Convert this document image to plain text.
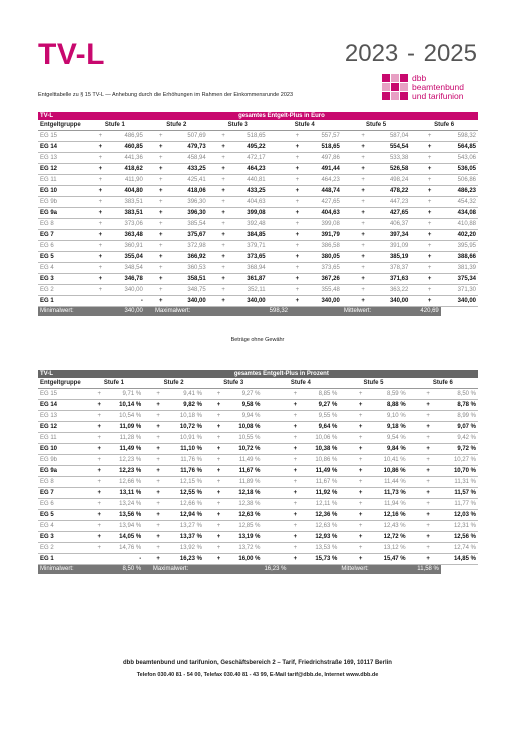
TV-L	2023 - 2025
dbb
beamtenbund
und tarifunion
Entgelttabelle zu § 15 TV-L — Anhebung durch die Erhöhungen im Rahmen der Einkommensrunde 2023
TV-L	gesamtes Entgelt-Plus in Euro																	
Entgeltgruppe	Stufe 1			Stufe 2			Stufe 3			Stufe 4			Stufe 5			Stufe 6		
EG 15		+	486,95		+	507,69		+	518,65		+	557,57		+	587,04		+	598,32
EG 14		+	460,85		+	479,73		+	495,22		+	518,65		+	554,54		+	564,85
EG 13		+	441,36		+	458,94		+	472,17		+	497,86		+	533,38		+	543,06
EG 12		+	418,62		+	433,25		+	464,23		+	491,44		+	526,58		+	536,05
EG 11		+	411,90		+	425,41		+	440,81		+	464,23		+	498,24		+	506,86
EG 10		+	404,80		+	418,06		+	433,25		+	448,74		+	478,22		+	486,23
EG 9b		+	383,51		+	396,30		+	404,63		+	427,65		+	447,23		+	454,32
EG 9a		+	383,51		+	396,30		+	399,08		+	404,63		+	427,65		+	434,08
EG 8		+	373,06		+	385,54		+	392,48		+	399,08		+	406,37		+	410,88
EG 7		+	363,48		+	375,67		+	384,85		+	391,79		+	397,34		+	402,20
EG 6		+	360,91		+	372,98		+	379,71		+	386,58		+	391,09		+	395,95
EG 5		+	355,04		+	366,92		+	373,65		+	380,05		+	385,19		+	388,66
EG 4		+	348,54		+	360,53		+	368,94		+	373,65		+	378,37		+	381,39
EG 3		+	346,78		+	358,51		+	361,87		+	367,26		+	371,63		+	375,34
EG 2		+	340,00		+	348,75		+	352,11		+	355,48		+	363,22		+	371,30
EG 1			-		+	340,00		+	340,00		+	340,00		+	340,00		+	340,00
Minimalwert:			340,00		Maximalwert:					598,32			Mittelwert:				420,69	
Beträge ohne Gewähr
TV-L	gesamtes Entgelt-Plus in Prozent																	
Entgeltgruppe	Stufe 1			Stufe 2			Stufe 3			Stufe 4			Stufe 5			Stufe 6		
EG 15		+	9,71 %		+	9,41 %		+	9,27 %		+	8,85 %		+	8,59 %		+	8,50 %
EG 14		+	10,14 %		+	9,82 %		+	9,58 %		+	9,27 %		+	8,88 %		+	8,78 %
EG 13		+	10,54 %		+	10,18 %		+	9,94 %		+	9,55 %		+	9,10 %		+	8,99 %
EG 12		+	11,09 %		+	10,72 %		+	10,08 %		+	9,64 %		+	9,18 %		+	9,07 %
EG 11		+	11,28 %		+	10,91 %		+	10,55 %		+	10,06 %		+	9,54 %		+	9,42 %
EG 10		+	11,49 %		+	11,10 %		+	10,72 %		+	10,38 %		+	9,84 %		+	9,72 %
EG 9b		+	12,23 %		+	11,76 %		+	11,49 %		+	10,86 %		+	10,41 %		+	10,27 %
EG 9a		+	12,23 %		+	11,76 %		+	11,67 %		+	11,49 %		+	10,86 %		+	10,70 %
EG 8		+	12,66 %		+	12,15 %		+	11,89 %		+	11,67 %		+	11,44 %		+	11,31 %
EG 7		+	13,11 %		+	12,55 %		+	12,18 %		+	11,92 %		+	11,73 %		+	11,57 %
EG 6		+	13,24 %		+	12,66 %		+	12,38 %		+	12,11 %		+	11,94 %		+	11,77 %
EG 5		+	13,56 %		+	12,94 %		+	12,63 %		+	12,36 %		+	12,16 %		+	12,03 %
EG 4		+	13,94 %		+	13,27 %		+	12,85 %		+	12,63 %		+	12,43 %		+	12,31 %
EG 3		+	14,05 %		+	13,37 %		+	13,19 %		+	12,93 %		+	12,72 %		+	12,56 %
EG 2		+	14,76 %		+	13,92 %		+	13,72 %		+	13,53 %		+	13,12 %		+	12,74 %
EG 1			-		+	16,23 %		+	16,00 %		+	15,73 %		+	15,47 %		+	14,85 %
Minimalwert:			8,50 %		Maximalwert:					16,23 %			Mittelwert:				11,58 %	
dbb beamtenbund und tarifunion, Geschäftsbereich 2 – Tarif, Friedrichstraße 169, 10117 Berlin
Telefon 030.40 81 - 54 00, Telefax 030.40 81 - 43 99, E-Mail tarif@dbb.de, Internet www.dbb.de
